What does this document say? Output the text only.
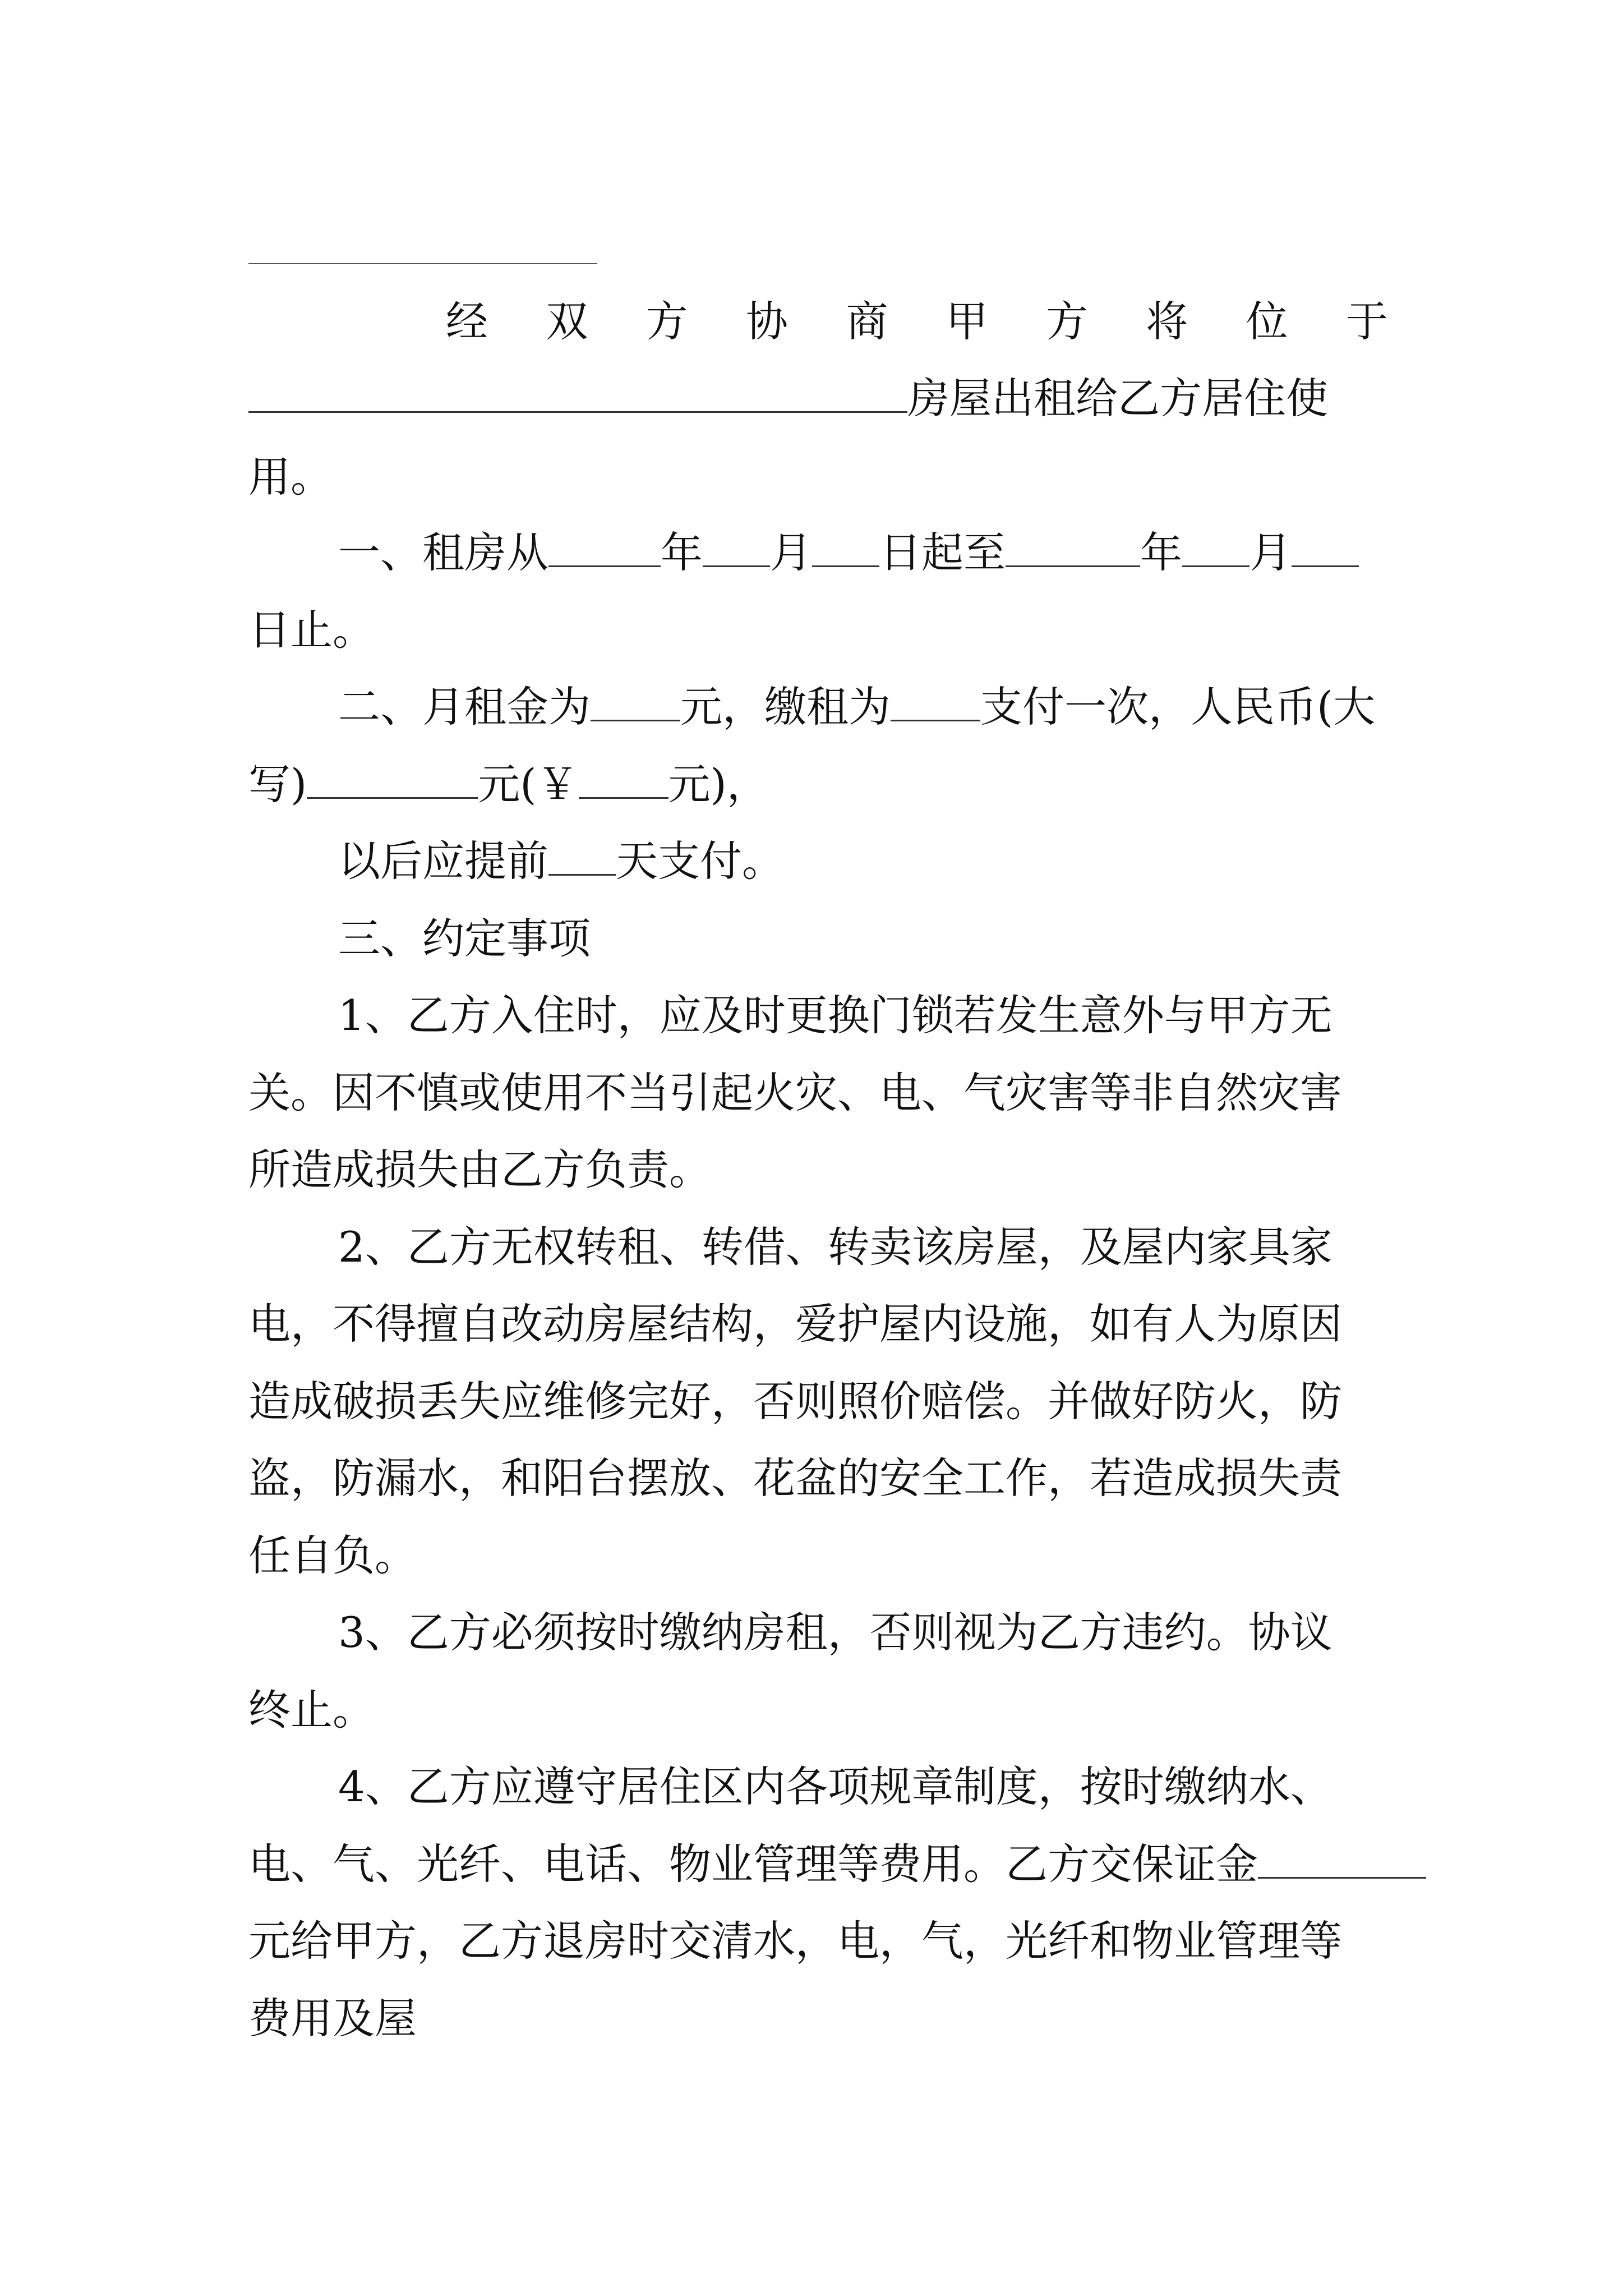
经 双 方 协 商 甲 方 将 位 于
房屋出租给乙方居住使
用。
一、租房从	年 月 日起至	年 月
日止。
二、月租金为 元，缴租为 支付一次，人民币(大
写)	元(￥ 元)，
以后应提前 天支付。
三、约定事项
1、乙方入住时，应及时更换门锁若发生意外与甲方无
关。因不慎或使用不当引起火灾、电、气灾害等非自然灾害
所造成损失由乙方负责。
2、乙方无权转租、转借、转卖该房屋，及屋内家具家
电，不得擅自改动房屋结构，爱护屋内设施，如有人为原因
造成破损丢失应维修完好，否则照价赔偿。并做好防火，防
盗，防漏水，和阳台摆放、花盆的安全工作，若造成损失责
任自负。
3、乙方必须按时缴纳房租，否则视为乙方违约。协议
终止。
4、乙方应遵守居住区内各项规章制度，按时缴纳水、
电、气、光纤、电话、物业管理等费用。乙方交保证金
元给甲方，乙方退房时交清水，电，气，光纤和物业管理等
费用及屋
